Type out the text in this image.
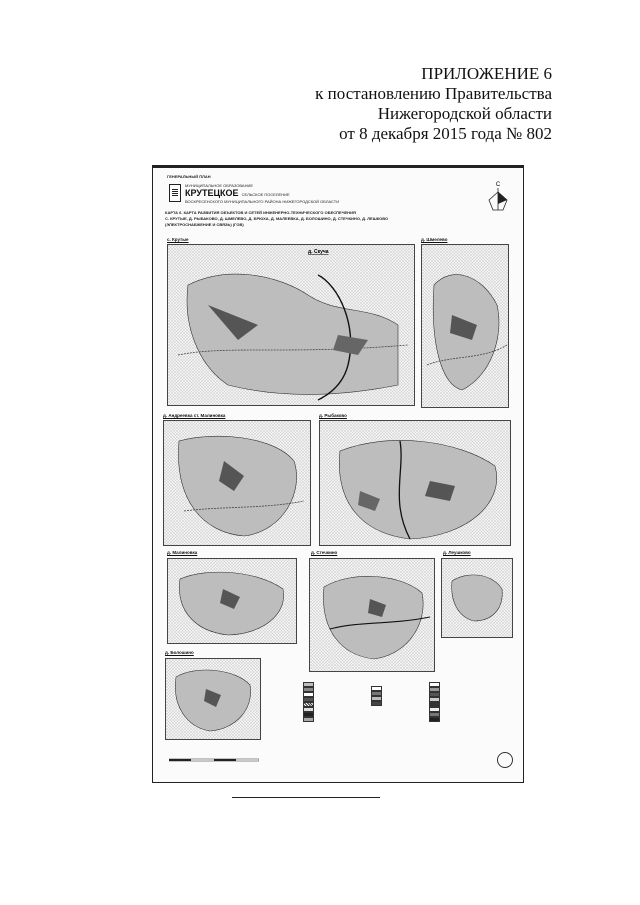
ПРИЛОЖЕНИЕ 6
к постановлению Правительства
Нижегородской области
от 8 декабря 2015 года № 802
ГЕНЕРАЛЬНЫЙ ПЛАН
МУНИЦИПАЛЬНОЕ ОБРАЗОВАНИЕ
КРУТЕЦКОЕ СЕЛЬСКОЕ ПОСЕЛЕНИЕ
ВОСКРЕСЕНСКОГО МУНИЦИПАЛЬНОГО РАЙОНА НИЖЕГОРОДСКОЙ ОБЛАСТИ
КАРТА 6. КАРТА РАЗВИТИЯ ОБЪЕКТОВ И СЕТЕЙ ИНЖЕНЕРНО-ТЕХНИЧЕСКОГО ОБЕСПЕЧЕНИЯ
С. КРУТЫЕ, Д. РЫБАКОВО, Д. ШМЕЛЕВО, Д. БРЮХА, Д. МАЛЕЕВКА, Д. БОЛОШИНО, Д. СТЕЧКИНО, Д. ЛЕШКОВО
(ЭЛЕКТРОСНАБЖЕНИЕ И СВЯЗЬ) (ГОВ)
С
с. Крутые
д. Скуча
д. Шмелево
д. Андреевка ст. Малиновка	д. Рыбаково
д. Малиновка	д. Стечкино	д. Леушково
д. Болошино
